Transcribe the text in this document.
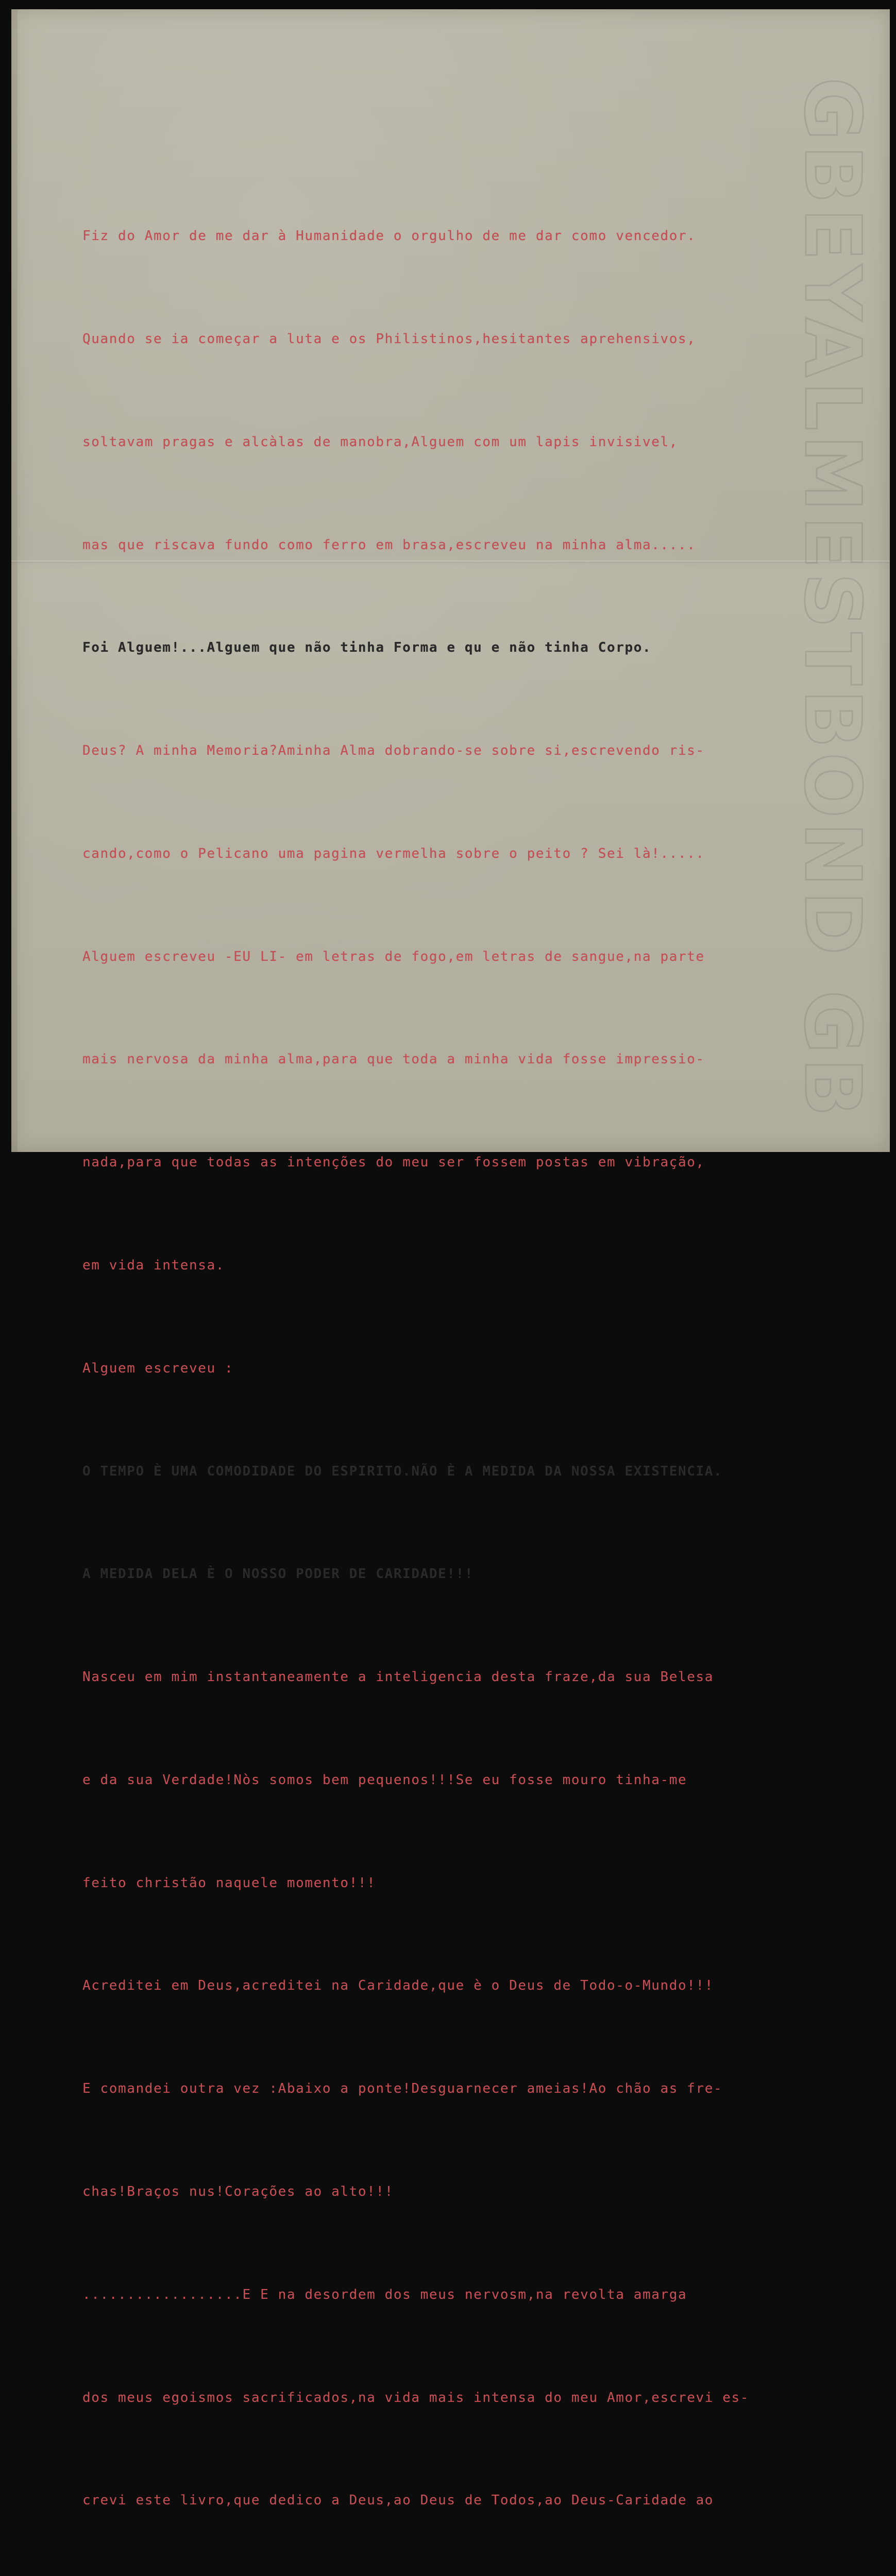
GBEYALMESTBOND GB

Fiz do Amor de me dar à Humanidade o orgulho de me dar como vencedor.

Quando se ia começar a luta e os Philistinos,hesitantes aprehensivos,

soltavam pragas e alcàlas de manobra,Alguem com um lapis invisivel,

mas que riscava fundo como ferro em brasa,escreveu na minha alma.....

Foi Alguem!...Alguem que não tinha Forma e qu e não tinha Corpo.

Deus? A minha Memoria?Aminha Alma dobrando-se sobre si,escrevendo ris-

cando,como o Pelicano uma pagina vermelha sobre o peito ? Sei là!.....

Alguem escreveu -EU LI- em letras de fogo,em letras de sangue,na parte

mais nervosa da minha alma,para que toda a minha vida fosse impressio-

nada,para que todas as intenções do meu ser fossem postas em vibração,

em vida intensa.

Alguem escreveu :

O TEMPO È UMA COMODIDADE DO ESPIRITO.NÃO È A MEDIDA DA NOSSA EXISTENCIA.

A MEDIDA DELA È O NOSSO PODER DE CARIDADE!!!

Nasceu em mim instantaneamente a inteligencia desta fraze,da sua Belesa

e da sua Verdade!Nòs somos bem pequenos!!!Se eu fosse mouro tinha-me

feito christão naquele momento!!!

Acreditei em Deus,acreditei na Caridade,que è o Deus de Todo-o-Mundo!!!

E comandei outra vez :Abaixo a ponte!Desguarnecer ameias!Ao chão as fre-

chas!Braços nus!Corações ao alto!!!

..................E E na desordem dos meus nervosm,na revolta amarga

dos meus egoismos sacrificados,na vida mais intensa do meu Amor,escrevi es-

crevi este livro,que dedico a Deus,ao Deus de Todos,ao Deus-Caridade ao
